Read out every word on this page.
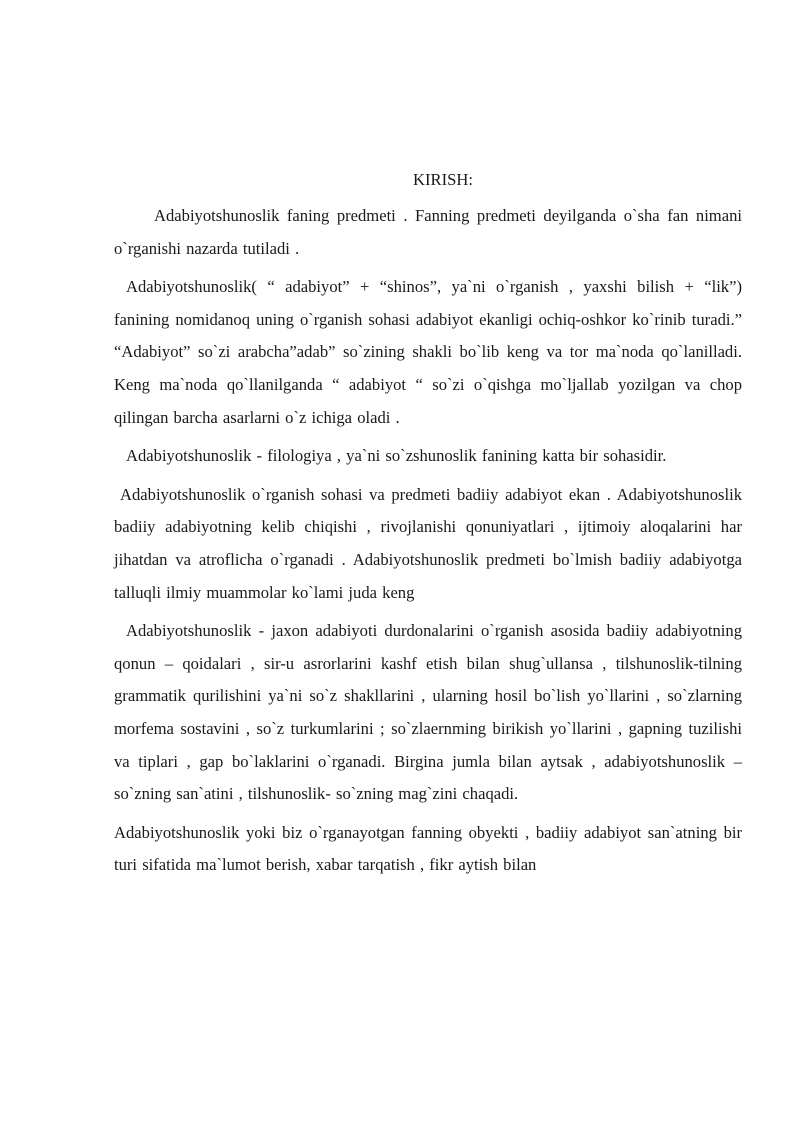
KIRISH:

Adabiyotshunoslik faning predmeti . Fanning predmeti deyilganda o`sha fan nimani o`rganishi nazarda tutiladi .

Adabiyotshunoslik( “ adabiyot” + “shinos”, ya`ni o`rganish , yaxshi bilish + “lik”) fanining nomidanoq uning o`rganish sohasi adabiyot ekanligi ochiq-oshkor ko`rinib turadi.” “Adabiyot” so`zi arabcha”adab” so`zining shakli bo`lib keng va tor ma`noda qo`lanilladi. Keng ma`noda qo`llanilganda “ adabiyot “ so`zi o`qishga mo`ljallab yozilgan va chop qilingan barcha asarlarni o`z ichiga oladi .

Adabiyotshunoslik - filologiya , ya`ni so`zshunoslik fanining katta bir sohasidir.

Adabiyotshunoslik o`rganish sohasi va predmeti badiiy adabiyot ekan . Adabiyotshunoslik badiiy adabiyotning kelib chiqishi , rivojlanishi qonuniyatlari , ijtimoiy aloqalarini har jihatdan va atroflicha o`rganadi . Adabiyotshunoslik predmeti bo`lmish badiiy adabiyotga talluqli ilmiy muammolar ko`lami juda keng

Adabiyotshunoslik - jaxon adabiyoti durdonalarini o`rganish asosida badiiy adabiyotning qonun – qoidalari , sir-u asrorlarini kashf etish bilan shug`ullansa , tilshunoslik-tilning grammatik qurilishini ya`ni so`z shakllarini , ularning hosil bo`lish yo`llarini , so`zlarning morfema sostavini , so`z turkumlarini ; so`zlaernming birikish yo`llarini , gapning tuzilishi va tiplari , gap bo`laklarini o`rganadi. Birgina jumla bilan aytsak , adabiyotshunoslik – so`zning san`atini , tilshunoslik- so`zning mag`zini chaqadi.

Adabiyotshunoslik yoki biz o`rganayotgan fanning obyekti , badiiy adabiyot san`atning bir turi sifatida ma`lumot berish, xabar tarqatish , fikr aytish bilan
